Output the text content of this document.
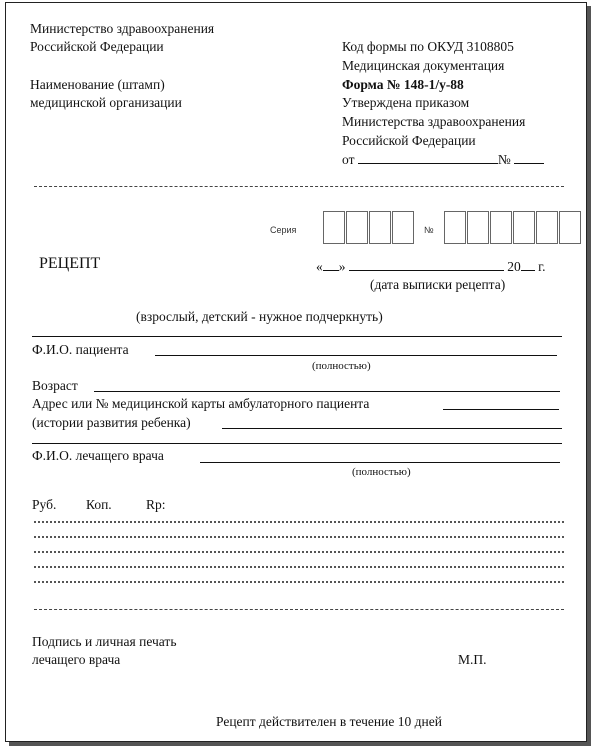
Министерство здравоохранения
Российской Федерации
Наименование (штамп)
медицинской организации
Код формы по ОКУД 3108805
Медицинская документация
Форма № 148-1/у-88
Утверждена приказом
Министерства здравоохранения
Российской Федерации
от	№
Серия	№
РЕЦЕПТ	« »	20 г.
(дата выписки рецепта)
(взрослый, детский - нужное подчеркнуть)
Ф.И.О. пациента
(полностью)
Возраст
Адрес или № медицинской карты амбулаторного пациента
(истории развития ребенка)
Ф.И.О. лечащего врача
(полностью)
Руб. Коп.	Rp:
Подпись и личная печать
лечащего врача	М.П.
Рецепт действителен в течение 10 дней
